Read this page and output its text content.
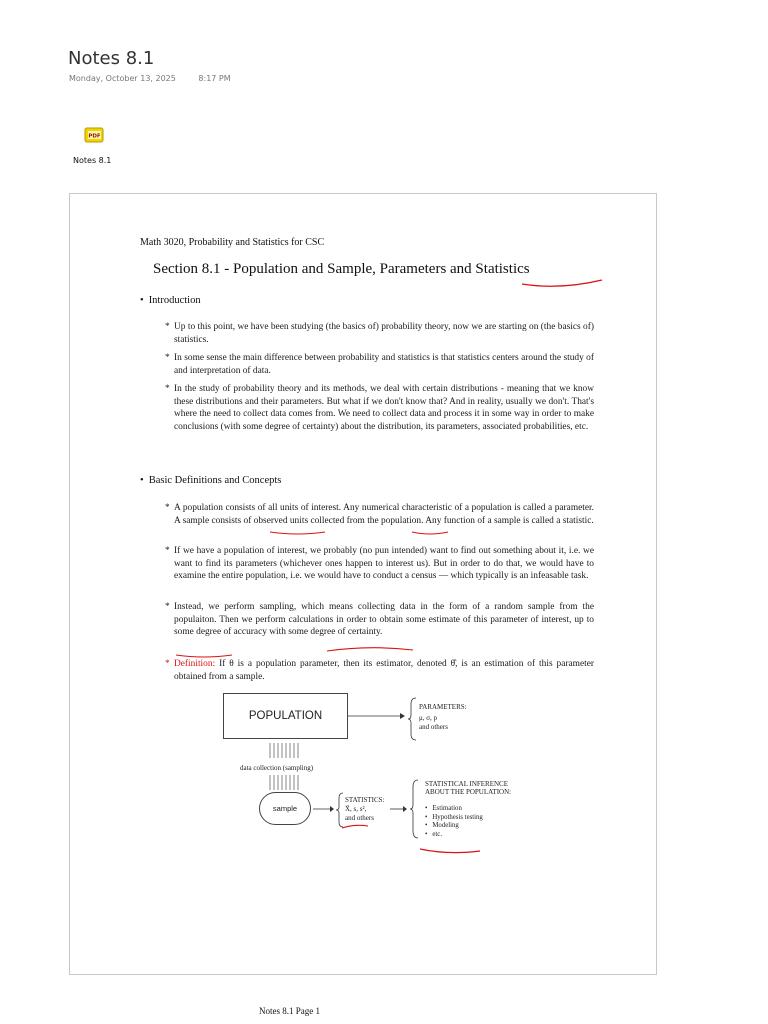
Notes 8.1
Monday, October 13, 2025	8:17 PM
PDF
Notes 8.1
Math 3020, Probability and Statistics for CSC
Section 8.1 - Population and Sample, Parameters and Statistics
• Introduction
* Up to this point, we have been studying (the basics of) probability theory, now we are starting on (the basics of) statistics.
* In some sense the main difference between probability and statistics is that statistics centers around the study of and interpretation of data.
* In the study of probability theory and its methods, we deal with certain distributions - meaning that we know these distributions and their parameters. But what if we don't know that? And in reality, usually we don't. That's where the need to collect data comes from. We need to collect data and process it in some way in order to make conclusions (with some degree of certainty) about the distribution, its parameters, associated probabilities, etc.
• Basic Definitions and Concepts
* A population consists of all units of interest. Any numerical characteristic of a population is called a parameter. A sample consists of observed units collected from the population. Any function of a sample is called a statistic.
* If we have a population of interest, we probably (no pun intended) want to find out something about it, i.e. we want to find its parameters (whichever ones happen to interest us). But in order to do that, we would have to examine the entire population, i.e. we would have to conduct a census — which typically is an infeasable task.
* Instead, we perform sampling, which means collecting data in the form of a random sample from the populaiton. Then we perform calculations in order to obtain some estimate of this parameter of interest, up to some degree of accuracy with some degree of certainty.
* Definition: If θ is a population parameter, then its estimator, denoted θ̂, is an estimation of this parameter obtained from a sample.
POPULATION
PARAMETERS:
μ, σ, p
and others
data collection (sampling)
sample
STATISTICS:
X̄, s, s²,
and others
STATISTICAL INFERENCE
ABOUT THE POPULATION:
• Estimation
• Hypothesis testing
• Modeling
• etc.
Notes 8.1 Page 1
